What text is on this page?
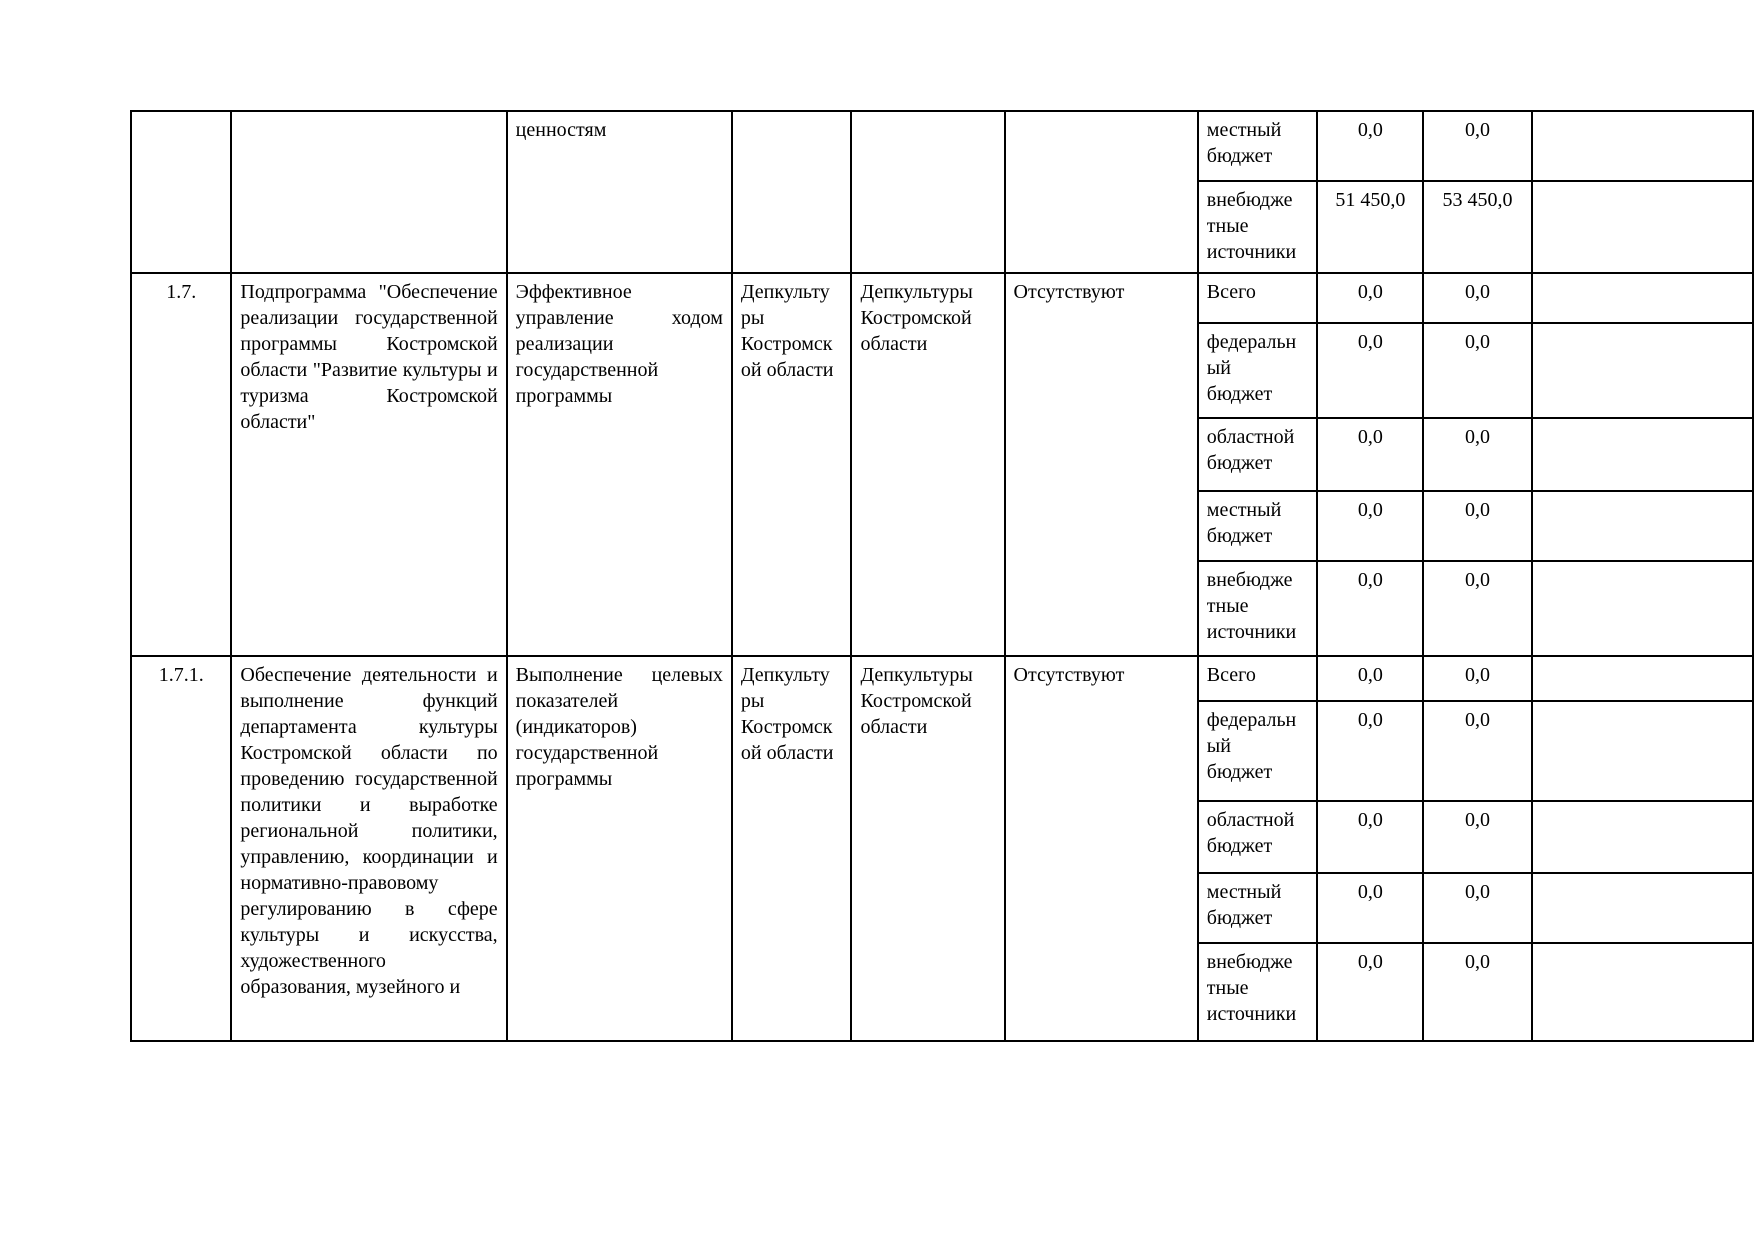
		ценностям				местный
бюджет	0,0	0,0	
						внебюдже
тные
источники	51 450,0	53 450,0	
1.7.	Подпрограмма "Обеспечение реализации государственной программы Костромской области "Развитие культуры и туризма Костромской области"	Эффективное управление ходом реализации государственной программы	Депкульту
ры
Костромск
ой области	Депкультуры Костромской области	Отсутствуют	Всего	0,0	0,0	
						федеральн
ый
бюджет	0,0	0,0	
						областной
бюджет	0,0	0,0	
						местный
бюджет	0,0	0,0	
						внебюдже
тные
источники	0,0	0,0	
1.7.1.	Обеспечение деятельности и выполнение функций департамента культуры Костромской области по проведению государственной политики и выработке региональной политики, управлению, координации и нормативно-правовому регулированию в сфере культуры и искусства, художественного образования, музейного и	Выполнение целевых показателей (индикаторов) государственной программы	Депкульту
ры
Костромск
ой области	Депкультуры Костромской области	Отсутствуют	Всего	0,0	0,0	
						федеральн
ый
бюджет	0,0	0,0	
						областной
бюджет	0,0	0,0	
						местный
бюджет	0,0	0,0	
						внебюдже
тные
источники	0,0	0,0	
